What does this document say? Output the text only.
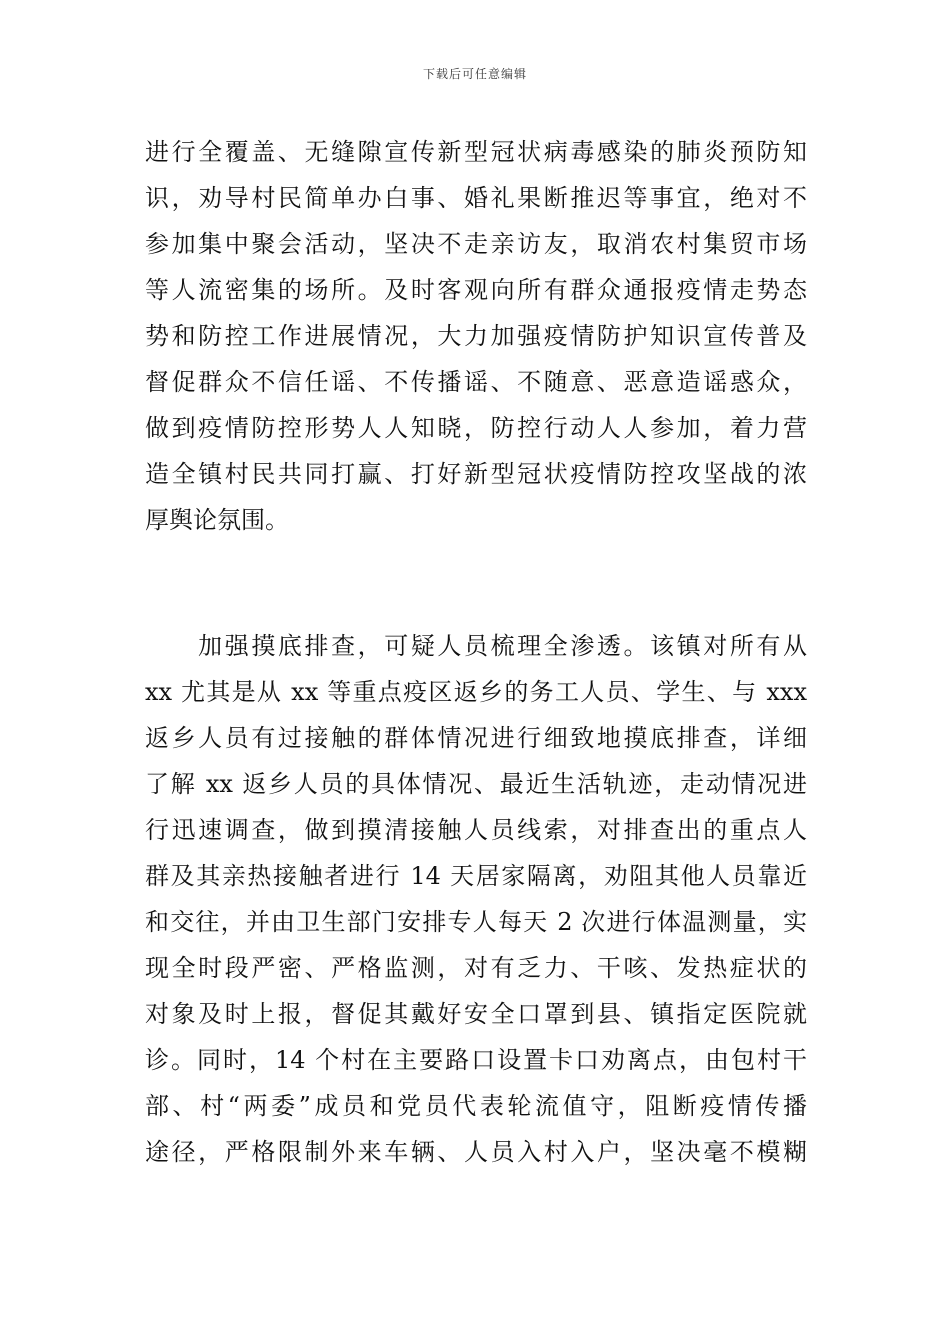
下载后可任意编辑
进行全覆盖、无缝隙宣传新型冠状病毒感染的肺炎预防知
识，劝导村民简单办白事、婚礼果断推迟等事宜，绝对不
参加集中聚会活动，坚决不走亲访友，取消农村集贸市场
等人流密集的场所。及时客观向所有群众通报疫情走势态
势和防控工作进展情况，大力加强疫情防护知识宣传普及
督促群众不信任谣、不传播谣、不随意、恶意造谣惑众，
做到疫情防控形势人人知晓，防控行动人人参加，着力营
造全镇村民共同打赢、打好新型冠状疫情防控攻坚战的浓
厚舆论氛围。
　　加强摸底排查，可疑人员梳理全渗透。该镇对所有从
xx 尤其是从 xx 等重点疫区返乡的务工人员、学生、与 xxx
返乡人员有过接触的群体情况进行细致地摸底排查，详细
了解 xx 返乡人员的具体情况、最近生活轨迹，走动情况进
行迅速调查，做到摸清接触人员线索，对排查出的重点人
群及其亲热接触者进行 14 天居家隔离，劝阻其他人员靠近
和交往，并由卫生部门安排专人每天 2 次进行体温测量，实
现全时段严密、严格监测，对有乏力、干咳、发热症状的
对象及时上报，督促其戴好安全口罩到县、镇指定医院就
诊。同时，14 个村在主要路口设置卡口劝离点，由包村干
部、村“两委”成员和党员代表轮流值守，阻断疫情传播
途径，严格限制外来车辆、人员入村入户，坚决毫不模糊
